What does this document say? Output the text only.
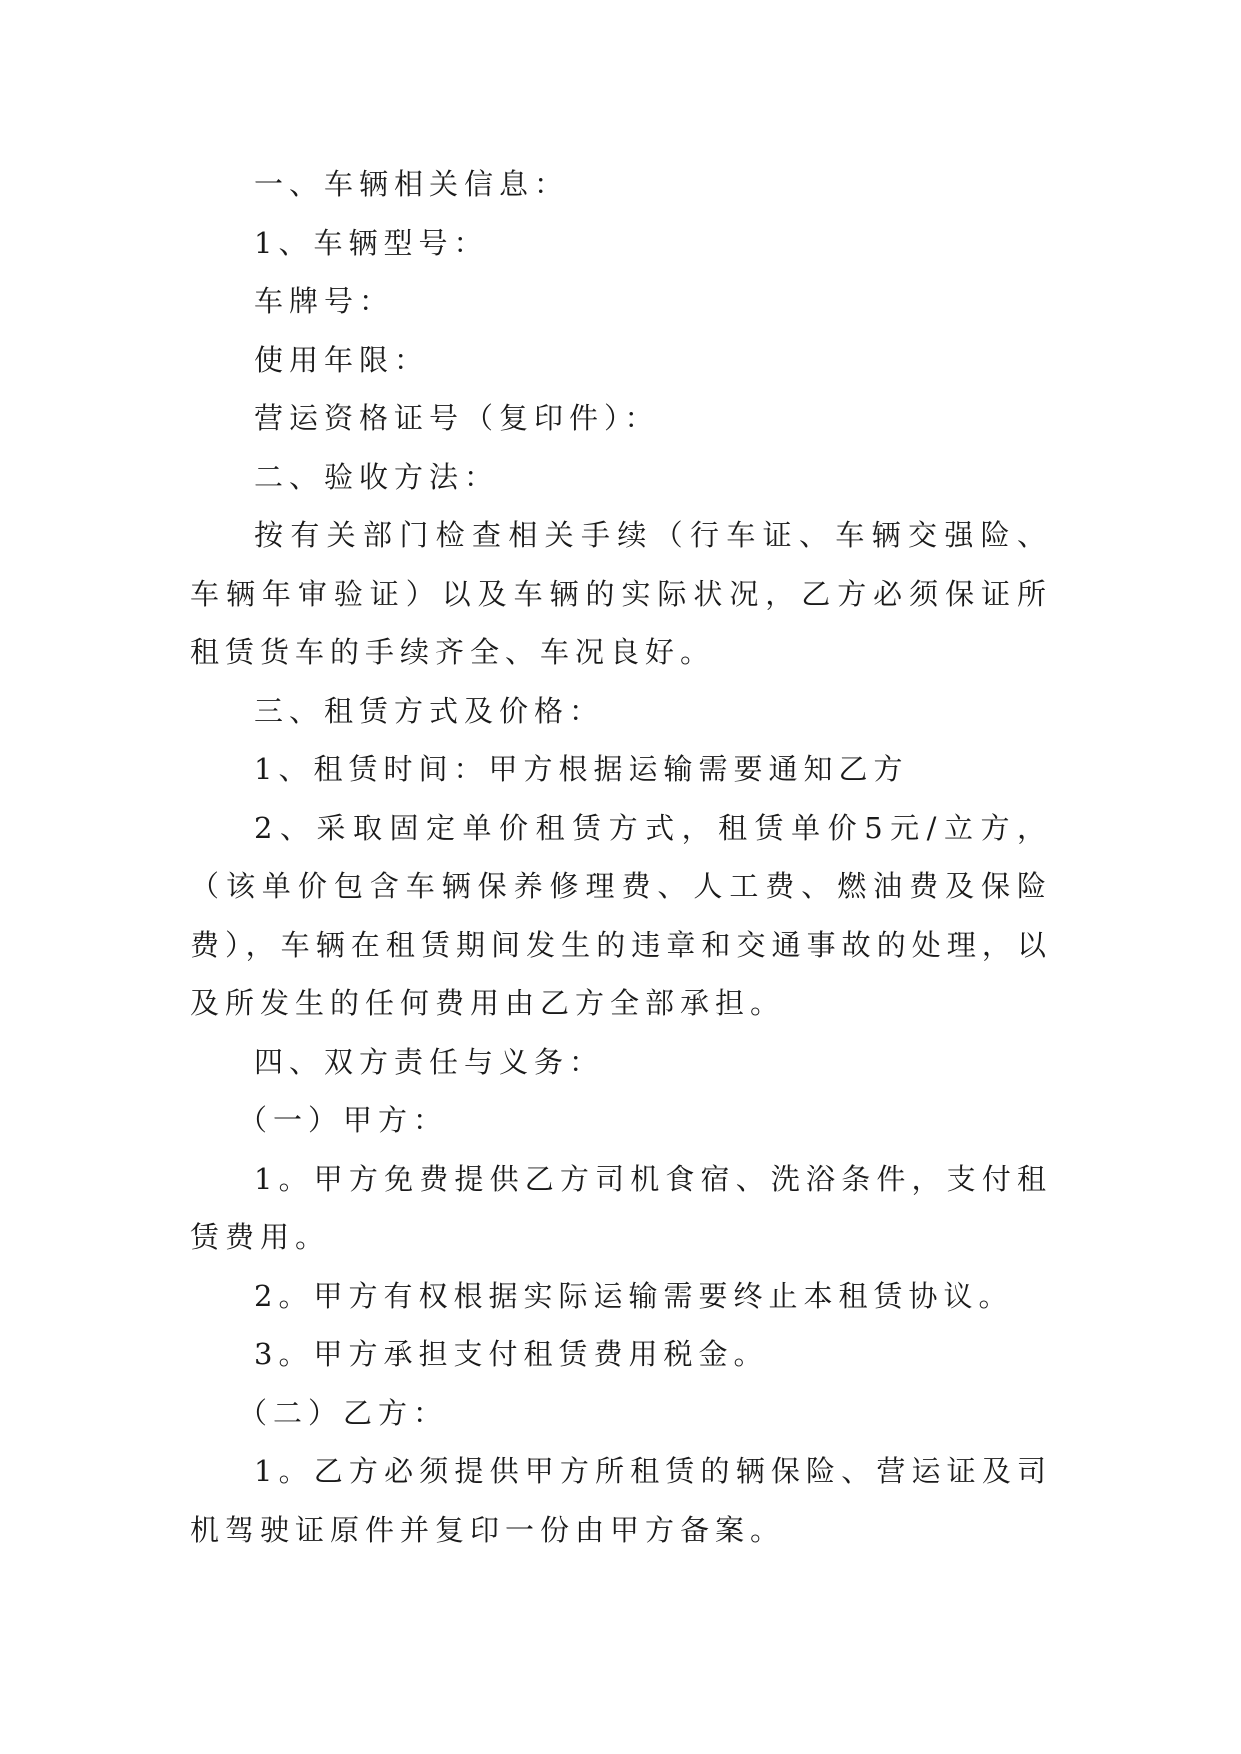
一、车辆相关信息：

1、车辆型号：

车牌号：

使用年限：

营运资格证号（复印件）：

二、验收方法：

按有关部门检查相关手续（行车证、车辆交强险、车辆年审验证）以及车辆的实际状况，乙方必须保证所租赁货车的手续齐全、车况良好。

三、租赁方式及价格：

1、租赁时间：甲方根据运输需要通知乙方

2、采取固定单价租赁方式，租赁单价5元/立方，（该单价包含车辆保养修理费、人工费、燃油费及保险费），车辆在租赁期间发生的违章和交通事故的处理，以及所发生的任何费用由乙方全部承担。

四、双方责任与义务：

（一）甲方：

1。甲方免费提供乙方司机食宿、洗浴条件，支付租赁费用。

2。甲方有权根据实际运输需要终止本租赁协议。

3。甲方承担支付租赁费用税金。

（二）乙方：

1。乙方必须提供甲方所租赁的辆保险、营运证及司机驾驶证原件并复印一份由甲方备案。
